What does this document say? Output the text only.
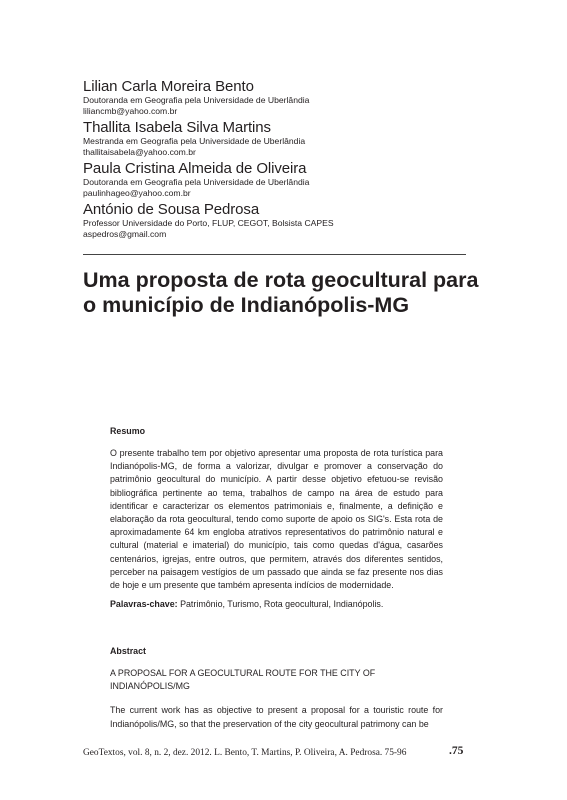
Lilian Carla Moreira Bento
Doutoranda em Geografia pela Universidade de Uberlândia
liliancmb@yahoo.com.br
Thallita Isabela Silva Martins
Mestranda em Geografia pela Universidade de Uberlândia
thallitaisabela@yahoo.com.br
Paula Cristina Almeida de Oliveira
Doutoranda em Geografia pela Universidade de Uberlândia
paulinhageo@yahoo.com.br
António de Sousa Pedrosa
Professor Universidade do Porto, FLUP, CEGOT, Bolsista CAPES
aspedros@gmail.com
Uma proposta de rota geocultural para o município de Indianópolis-MG
Resumo

O presente trabalho tem por objetivo apresentar uma proposta de rota turística para Indianópolis-MG, de forma a valorizar, divulgar e promover a conservação do patrimônio geocultural do município. A partir desse objetivo efetuou-se revisão bibliográfica pertinente ao tema, trabalhos de campo na área de estudo para identificar e caracterizar os elementos patrimoniais e, finalmente, a definição e elaboração da rota geocultural, tendo como suporte de apoio os SIG's. Esta rota de aproximadamente 64 km engloba atrativos representativos do patrimônio natural e cultural (material e imaterial) do município, tais como quedas d'água, casarões centenários, igrejas, entre outros, que permitem, através dos diferentes sentidos, perceber na paisagem vestígios de um passado que ainda se faz presente nos dias de hoje e um presente que também apresenta indícios de modernidade.

Palavras-chave: Patrimônio, Turismo, Rota geocultural, Indianópolis.
Abstract
A PROPOSAL FOR A GEOCULTURAL ROUTE FOR THE CITY OF INDIANÓPOLIS/MG

The current work has as objective to present a proposal for a touristic route for Indianópolis/MG, so that the preservation of the city geocultural patrimony can be

GeoTextos, vol. 8, n. 2, dez. 2012. L. Bento, T. Martins, P. Oliveira, A. Pedrosa. 75-96	.75
